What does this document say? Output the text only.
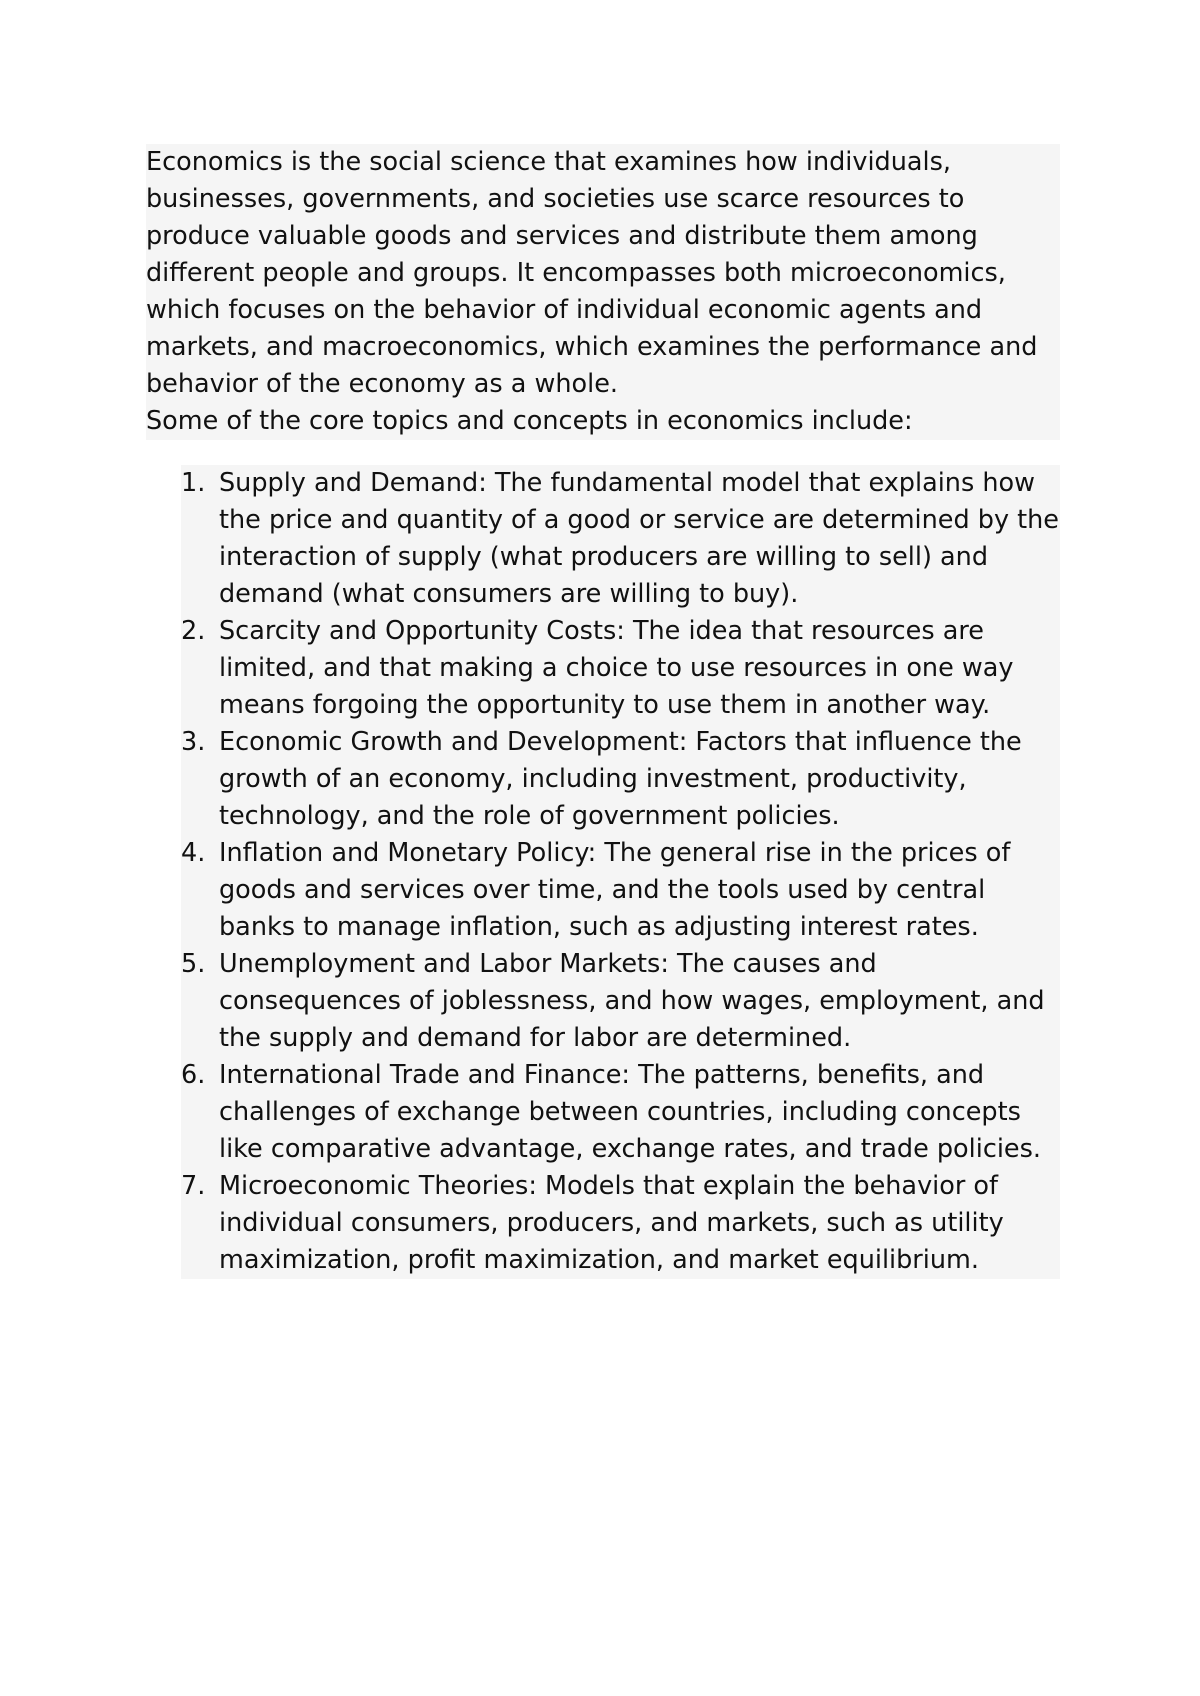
Economics is the social science that examines how individuals, businesses, governments, and societies use scarce resources to produce valuable goods and services and distribute them among different people and groups. It encompasses both microeconomics, which focuses on the behavior of individual economic agents and markets, and macroeconomics, which examines the performance and behavior of the economy as a whole.

Some of the core topics and concepts in economics include:

1. Supply and Demand: The fundamental model that explains how the price and quantity of a good or service are determined by the interaction of supply (what producers are willing to sell) and demand (what consumers are willing to buy).
2. Scarcity and Opportunity Costs: The idea that resources are limited, and that making a choice to use resources in one way means forgoing the opportunity to use them in another way.
3. Economic Growth and Development: Factors that influence the growth of an economy, including investment, productivity, technology, and the role of government policies.
4. Inflation and Monetary Policy: The general rise in the prices of goods and services over time, and the tools used by central banks to manage inflation, such as adjusting interest rates.
5. Unemployment and Labor Markets: The causes and consequences of joblessness, and how wages, employment, and the supply and demand for labor are determined.
6. International Trade and Finance: The patterns, benefits, and challenges of exchange between countries, including concepts like comparative advantage, exchange rates, and trade policies.
7. Microeconomic Theories: Models that explain the behavior of individual consumers, producers, and markets, such as utility maximization, profit maximization, and market equilibrium.
